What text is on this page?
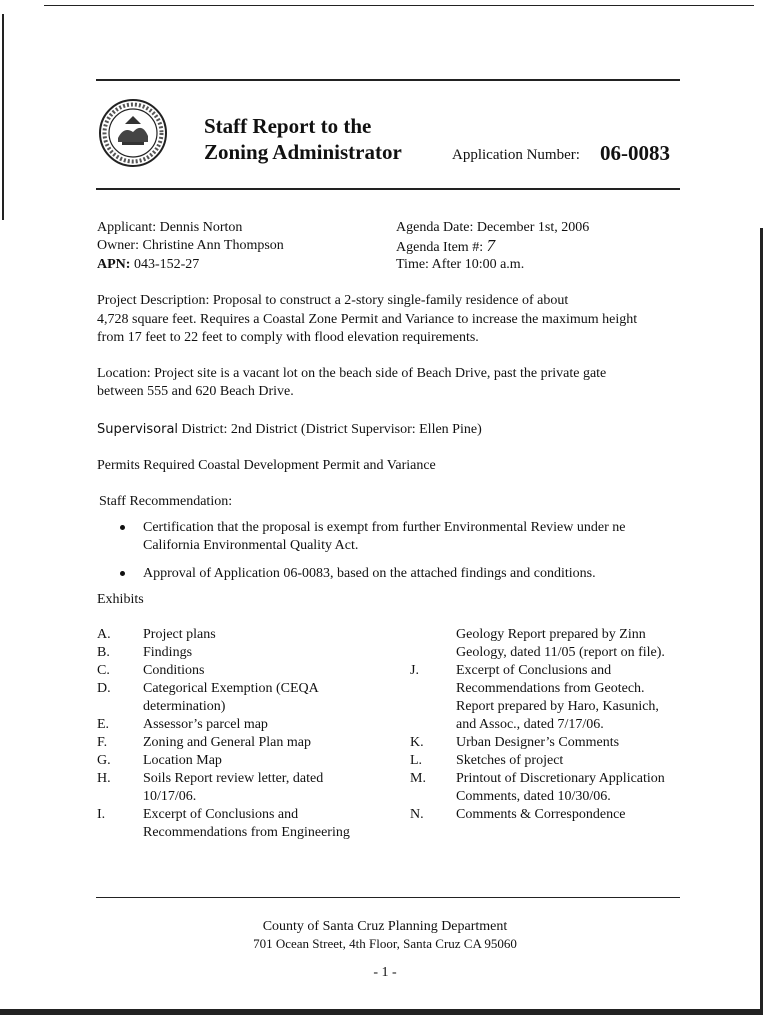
Staff Report to the
Zoning Administrator	Application Number: 06-0083
Applicant: Dennis Norton
Owner: Christine Ann Thompson
APN: 043-152-27
Agenda Date: December 1st, 2006
Agenda Item #: 7
Time: After 10:00 a.m.
Project Description: Proposal to construct a 2-story single-family residence of about
4,728 square feet. Requires a Coastal Zone Permit and Variance to increase the maximum height
from 17 feet to 22 feet to comply with flood elevation requirements.
Location: Project site is a vacant lot on the beach side of Beach Drive, past the private gate
between 555 and 620 Beach Drive.
Supervisoral District: 2nd District (District Supervisor: Ellen Pine)
Permits Required Coastal Development Permit and Variance
Staff Recommendation:
Certification that the proposal is exempt from further Environmental Review under ne
California Environmental Quality Act.
Approval of Application 06-0083, based on the attached findings and conditions.
Exhibits
A. Project plans
B. Findings
C. Conditions
D. Categorical Exemption (CEQA
determination)
E. Assessor’s parcel map
F.	Zoning and General Plan map
G. Location Map
H. Soils Report review letter, dated
10/17/06.
I.	Excerpt of Conclusions and
Recommendations from Engineering
Geology Report prepared by Zinn
Geology, dated 11/05 (report on file).
J.	Excerpt of Conclusions and
Recommendations from Geotech.
Report prepared by Haro, Kasunich,
and Assoc., dated 7/17/06.
K. Urban Designer’s Comments
L. Sketches of project
M. Printout of Discretionary Application
Comments, dated 10/30/06.
N. Comments & Correspondence
County of Santa Cruz Planning Department
701 Ocean Street, 4th Floor, Santa Cruz CA 95060
- 1 -
